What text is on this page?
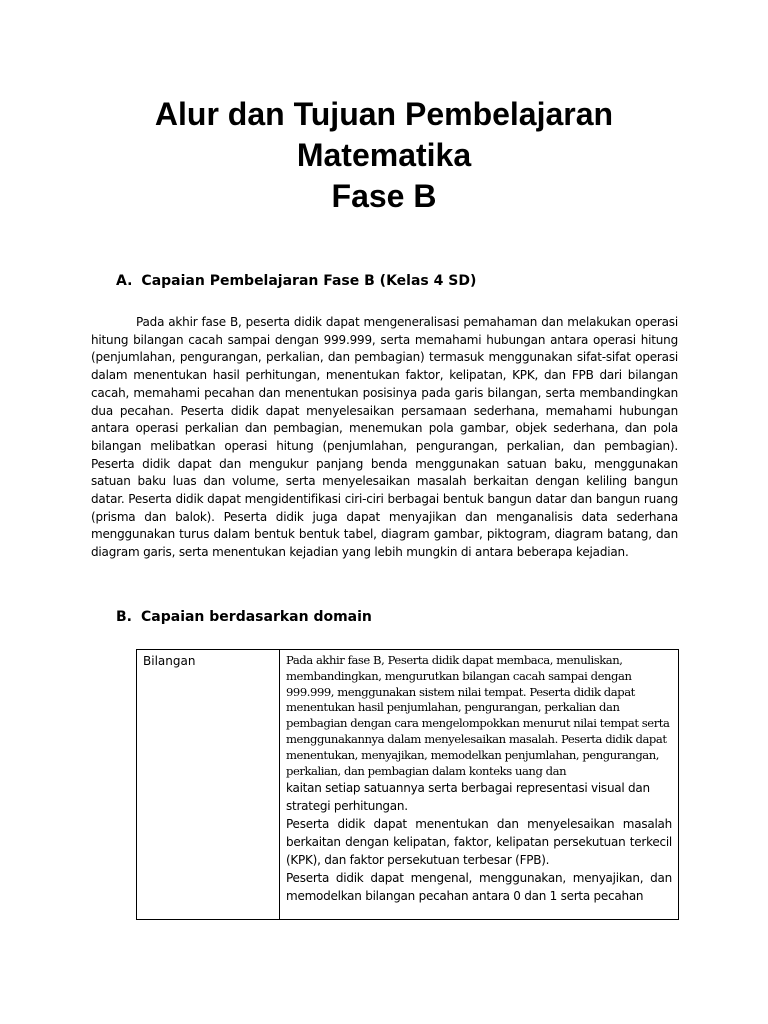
Alur dan Tujuan Pembelajaran
Matematika
Fase B
A. Capaian Pembelajaran Fase B (Kelas 4 SD)

Pada akhir fase B, peserta didik dapat mengeneralisasi pemahaman dan melakukan operasi hitung bilangan cacah sampai dengan 999.999, serta memahami hubungan antara operasi hitung (penjumlahan, pengurangan, perkalian, dan pembagian) termasuk menggunakan sifat-sifat operasi dalam menentukan hasil perhitungan, menentukan faktor, kelipatan, KPK, dan FPB dari bilangan cacah, memahami pecahan dan menentukan posisinya pada garis bilangan, serta membandingkan dua pecahan. Peserta didik dapat menyelesaikan persamaan sederhana, memahami hubungan antara operasi perkalian dan pembagian, menemukan pola gambar, objek sederhana, dan pola bilangan melibatkan operasi hitung (penjumlahan, pengurangan, perkalian, dan pembagian). Peserta didik dapat dan mengukur panjang benda menggunakan satuan baku, menggunakan satuan baku luas dan volume, serta menyelesaikan masalah berkaitan dengan keliling bangun datar. Peserta didik dapat mengidentifikasi ciri-ciri berbagai bentuk bangun datar dan bangun ruang (prisma dan balok). Peserta didik juga dapat menyajikan dan menganalisis data sederhana menggunakan turus dalam bentuk bentuk tabel, diagram gambar, piktogram, diagram batang, dan diagram garis, serta menentukan kejadian yang lebih mungkin di antara beberapa kejadian.

B. Capaian berdasarkan domain
Bilangan	Pada akhir fase B, Peserta didik dapat membaca, menuliskan, membandingkan, mengurutkan bilangan cacah sampai dengan 999.999, menggunakan sistem nilai tempat. Peserta didik dapat menentukan hasil penjumlahan, pengurangan, perkalian dan pembagian dengan cara mengelompokkan menurut nilai tempat serta menggunakannya dalam menyelesaikan masalah. Peserta didik dapat menentukan, menyajikan, memodelkan penjumlahan, pengurangan, perkalian, dan pembagian dalam konteks uang dan

kaitan setiap satuannya serta berbagai representasi visual dan strategi perhitungan.

Peserta didik dapat menentukan dan menyelesaikan masalah berkaitan dengan kelipatan, faktor, kelipatan persekutuan terkecil (KPK), dan faktor persekutuan terbesar (FPB).

Peserta didik dapat mengenal, menggunakan, menyajikan, dan memodelkan bilangan pecahan antara 0 dan 1 serta pecahan
